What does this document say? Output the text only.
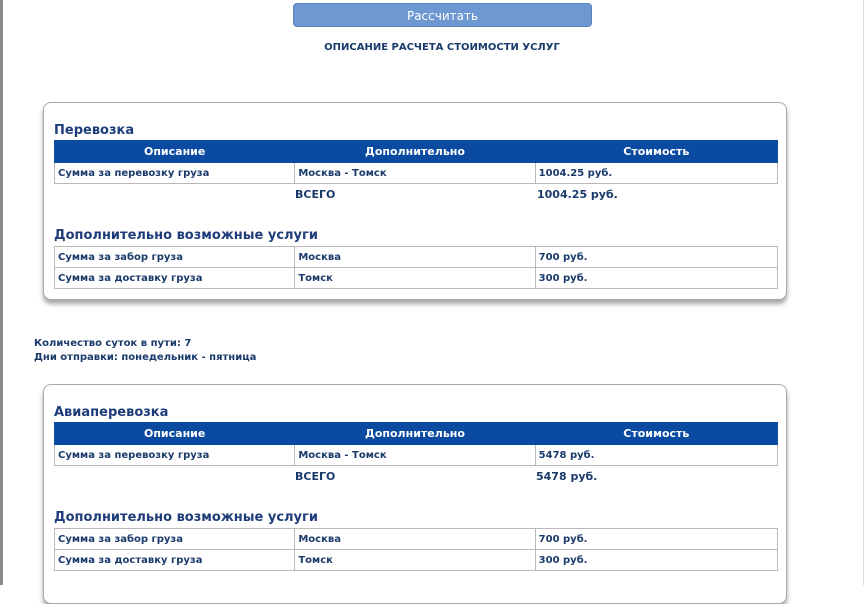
Рассчитать
ОПИСАНИЕ РАСЧЕТА СТОИМОСТИ УСЛУГ
Перевозка
Описание	Дополнительно	Стоимость
Сумма за перевозку груза	Москва - Томск	1004.25 руб.
ВСЕГО	1004.25 руб.
Дополнительно возможные услуги
Сумма за забор груза	Москва	700 руб.
Сумма за доставку груза	Томск	300 руб.
Количество суток в пути: 7
Дни отправки: понедельник - пятница
Авиаперевозка
Описание	Дополнительно	Стоимость
Сумма за перевозку груза	Москва - Томск	5478 руб.
ВСЕГО	5478 руб.
Дополнительно возможные услуги
Сумма за забор груза	Москва	700 руб.
Сумма за доставку груза	Томск	300 руб.
